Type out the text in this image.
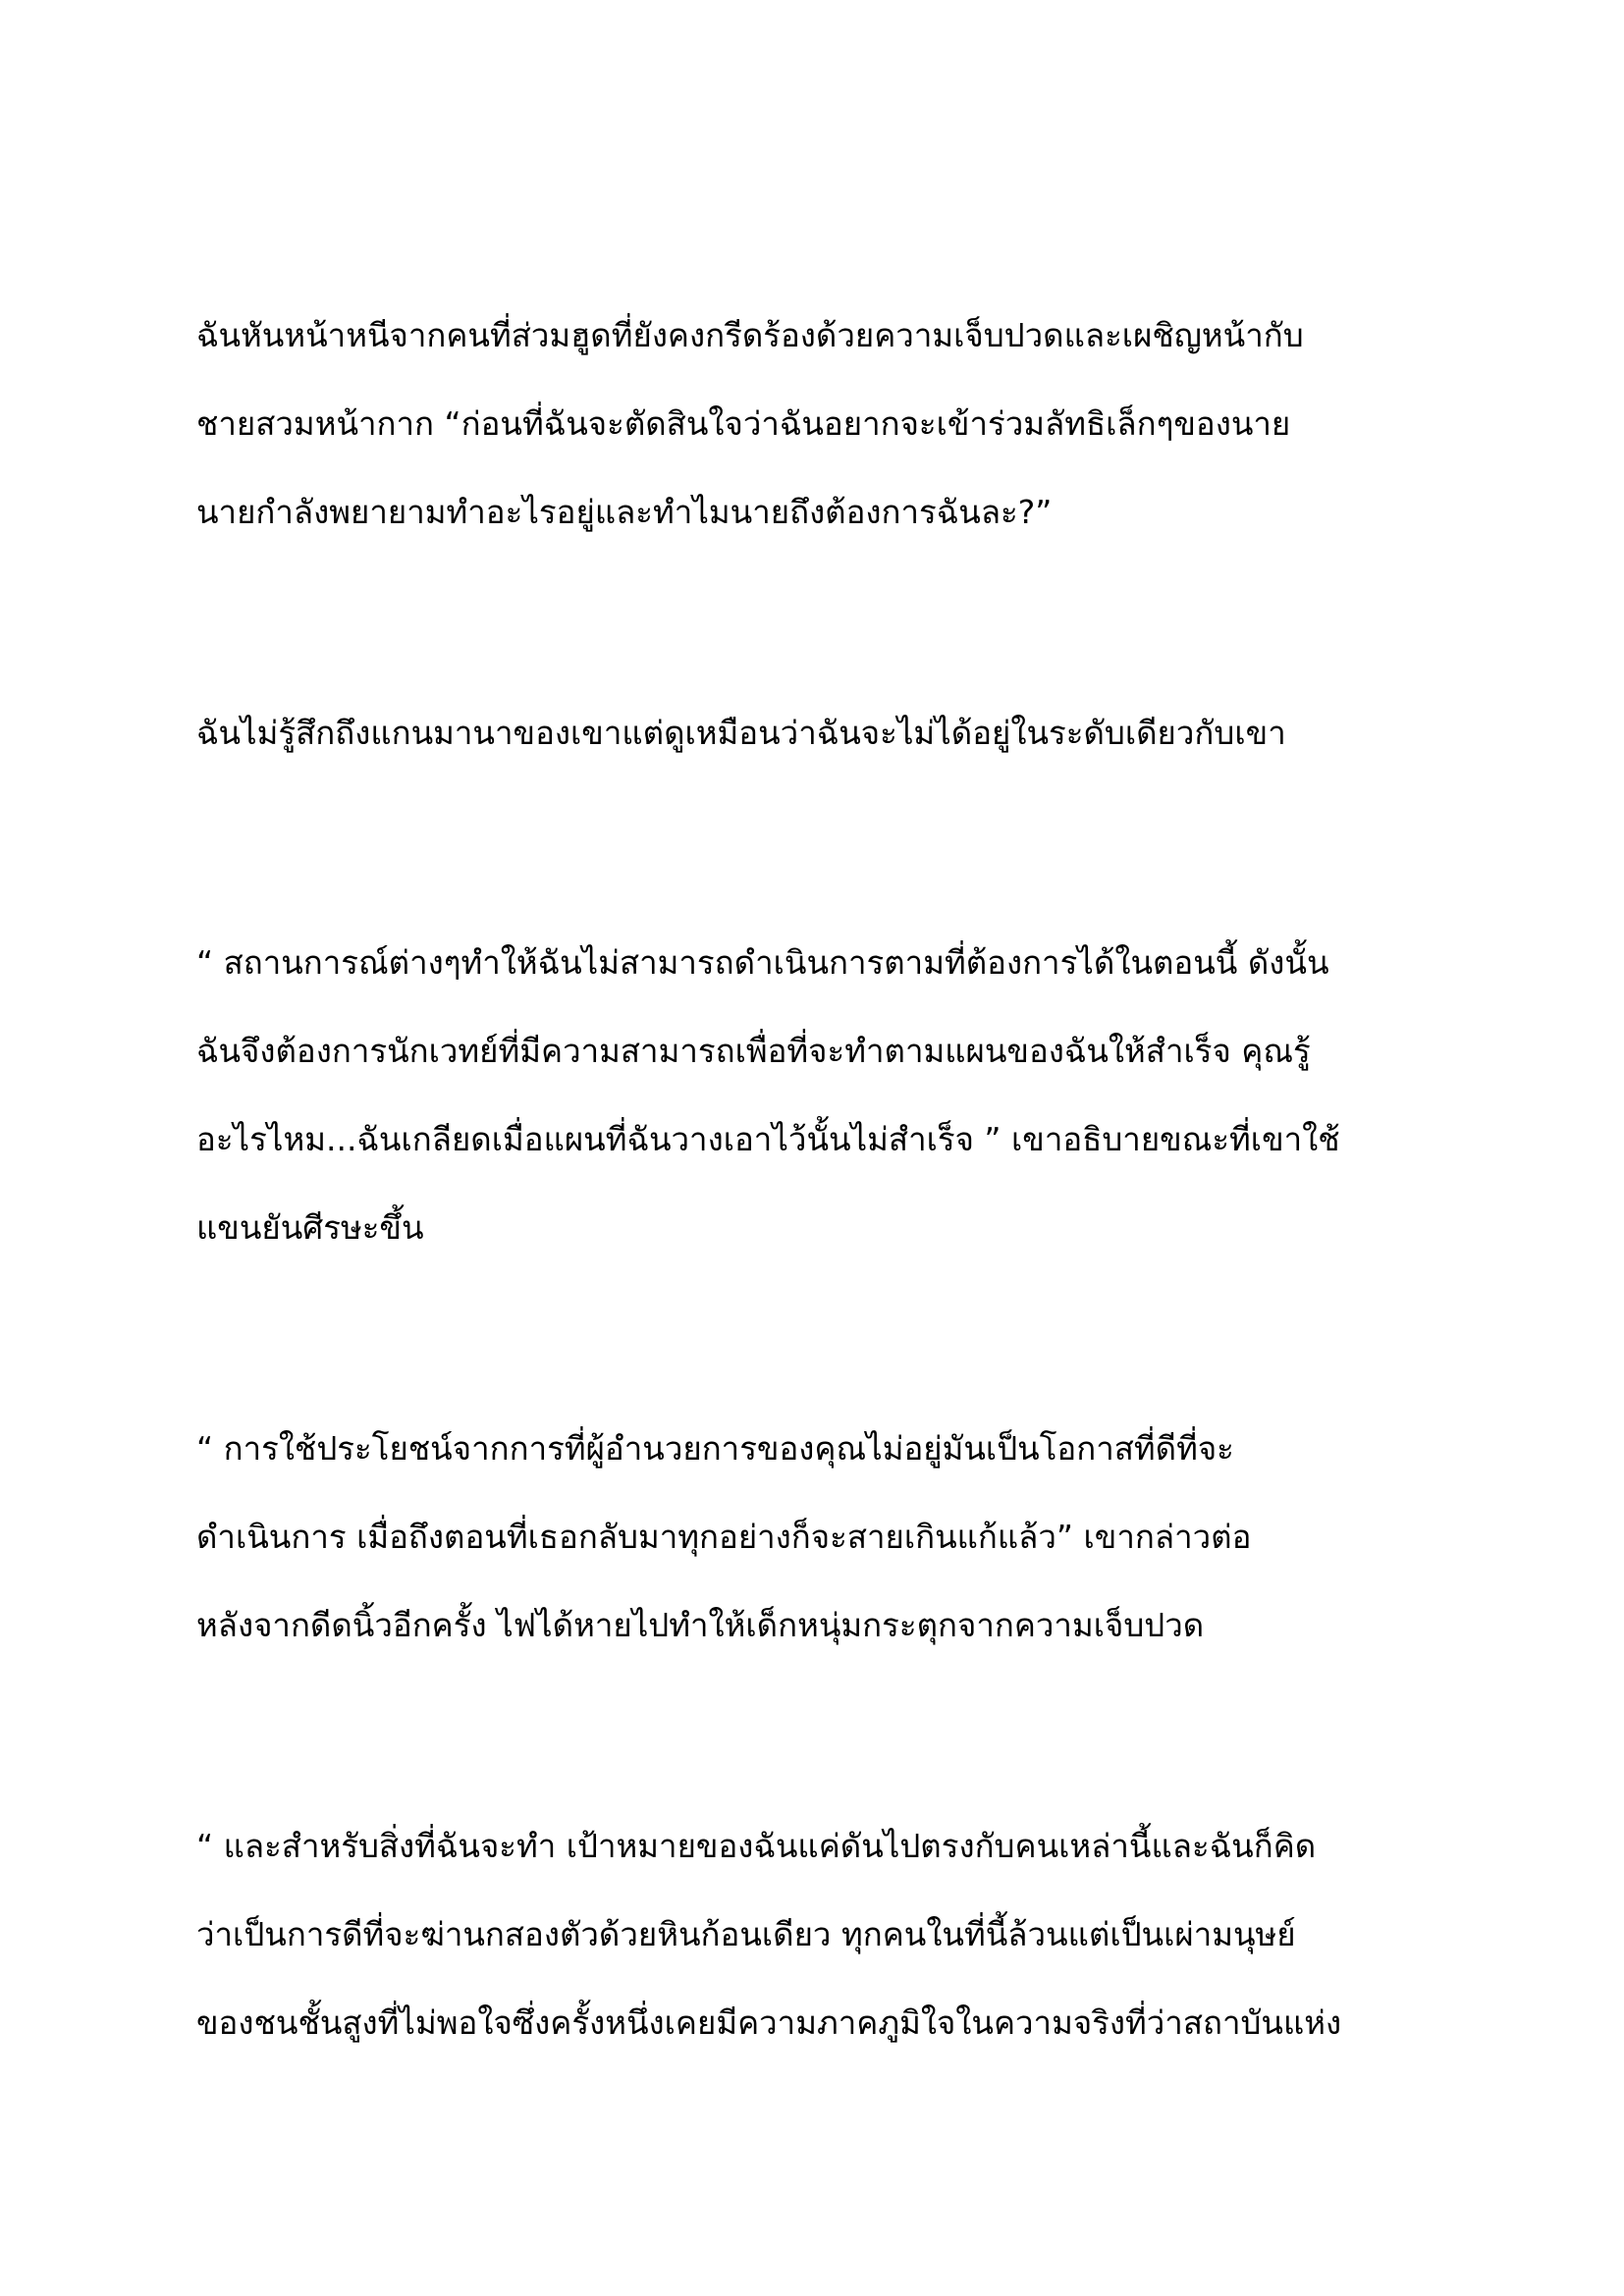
ฉันหันหน้าหนีจากคนที่ส่วมฮูดที่ยังคงกรีดร้องด้วยความเจ็บปวดและเผชิญหน้ากับ
ชายสวมหน้ากาก “ก่อนที่ฉันจะตัดสินใจว่าฉันอยากจะเข้าร่วมลัทธิเล็กๆของนาย
นายกำลังพยายามทำอะไรอยู่และทำไมนายถึงต้องการฉันละ?”
ฉันไม่รู้สึกถึงแกนมานาของเขาแต่ดูเหมือนว่าฉันจะไม่ได้อยู่ในระดับเดียวกับเขา
“ สถานการณ์ต่างๆทำให้ฉันไม่สามารถดำเนินการตามที่ต้องการได้ในตอนนี้ ดังนั้น
ฉันจึงต้องการนักเวทย์ที่มีความสามารถเพื่อที่จะทำตามแผนของฉันให้สำเร็จ คุณรู้
อะไรไหม...ฉันเกลียดเมื่อแผนที่ฉันวางเอาไว้นั้นไม่สำเร็จ ” เขาอธิบายขณะที่เขาใช้
แขนยันศีรษะขึ้น
“ การใช้ประโยชน์จากการที่ผู้อำนวยการของคุณไม่อยู่มันเป็นโอกาสที่ดีที่จะ
ดำเนินการ เมื่อถึงตอนที่เธอกลับมาทุกอย่างก็จะสายเกินแก้แล้ว” เขากล่าวต่อ
หลังจากดีดนิ้วอีกครั้ง ไฟได้หายไปทำให้เด็กหนุ่มกระตุกจากความเจ็บปวด
“ และสำหรับสิ่งที่ฉันจะทำ เป้าหมายของฉันแค่ดันไปตรงกับคนเหล่านี้และฉันก็คิด
ว่าเป็นการดีที่จะฆ่านกสองตัวด้วยหินก้อนเดียว ทุกคนในที่นี้ล้วนแต่เป็นเผ่ามนุษย์
ของชนชั้นสูงที่ไม่พอใจซึ่งครั้งหนึ่งเคยมีความภาคภูมิใจในความจริงที่ว่าสถาบันแห่ง
